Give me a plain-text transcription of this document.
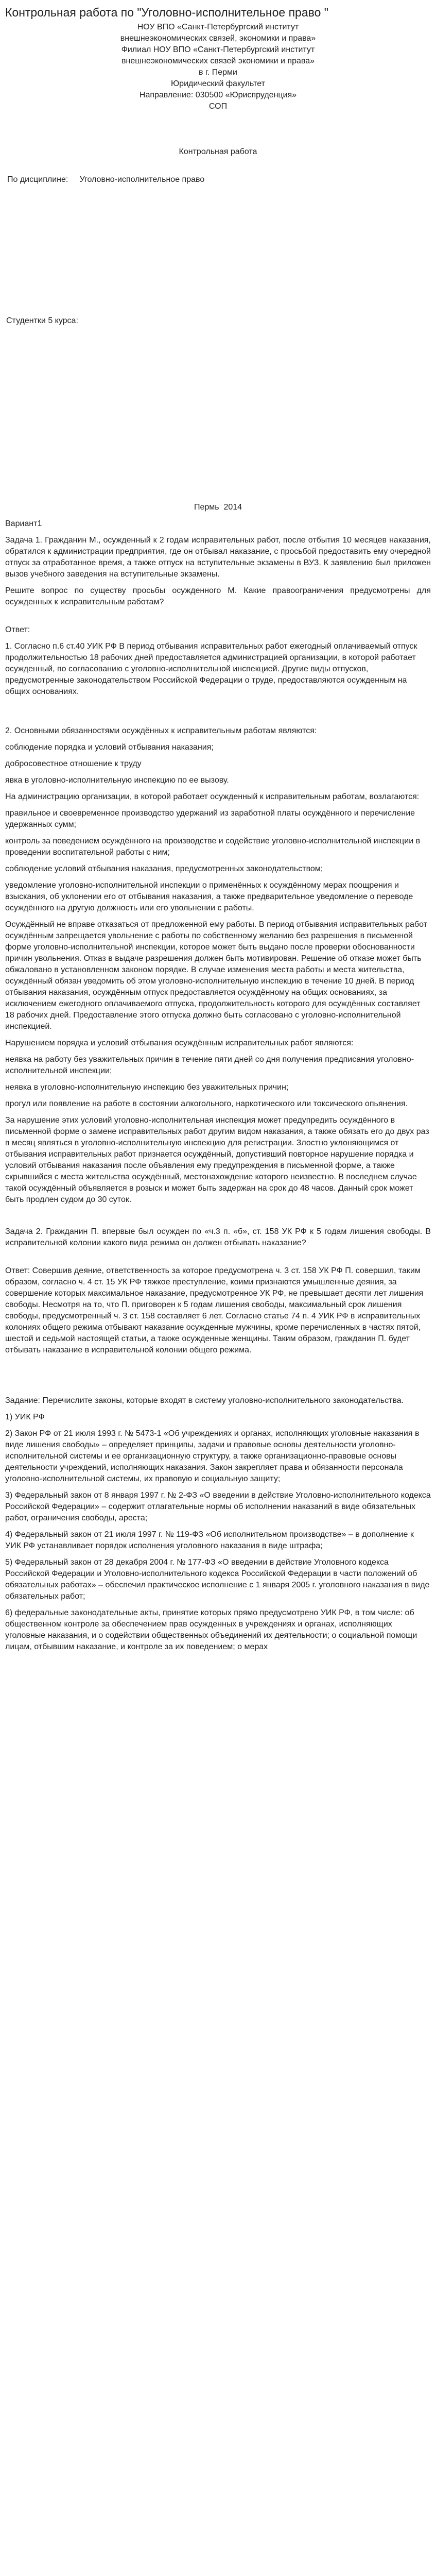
Контрольная работа по "Уголовно-исполнительное право "

НОУ ВПО «Санкт-Петербургский институт

внешнеэкономических связей, экономики и права»

Филиал НОУ ВПО «Санкт-Петербургский институт

внешнеэкономических связей экономики и права»

в г. Перми

Юридический факультет

Направление: 030500 «Юриспруденция»

СОП

Контрольная работа

По дисциплине:     Уголовно-исполнительное право

Студентки 5 курса:

Пермь  2014

Вариант1

Задача 1. Гражданин М., осужденный к 2 годам исправительных работ, после отбытия 10 месяцев наказания, обратился к администрации предприятия, где он отбывал наказание, с просьбой предоставить ему очередной отпуск за отработанное время, а также отпуск на вступительные экзамены в ВУЗ. К заявлению был приложен вызов учебного заведения на вступительные экзамены.

Решите вопрос по существу просьбы осужденного М. Какие правоограничения предусмотрены для осужденных к исправительным работам?

Ответ:

1. Согласно п.6 ст.40 УИК РФ В период отбывания исправительных работ ежегодный оплачиваемый отпуск продолжительностью 18 рабочих дней предоставляется администрацией организации, в которой работает осужденный, по согласованию с уголовно-исполнительной инспекцией. Другие виды отпусков, предусмотренные законодательством Российской Федерации о труде, предоставляются осужденным на общих основаниях.

2. Основными обязанностями осуждённых к исправительным работам являются:

соблюдение порядка и условий отбывания наказания;

добросовестное отношение к труду

явка в уголовно-исполнительную инспекцию по ее вызову.

На администрацию организации, в которой работает осужденный к исправительным работам, возлагаются:

правильное и своевременное производство удержаний из заработной платы осуждённого и перечисление удержанных сумм;

контроль за поведением осуждённого на производстве и содействие уголовно-исполнительной инспекции в проведении воспитательной работы с ним;

соблюдение условий отбывания наказания, предусмотренных законодательством;

уведомление уголовно-исполнительной инспекции о применённых к осуждённому мерах поощрения и взыскания, об уклонении его от отбывания наказания, а также предварительное уведомление о переводе осуждённого на другую должность или его увольнении с работы.

Осуждённый не вправе отказаться от предложенной ему работы. В период отбывания исправительных работ осуждённым запрещается увольнение с работы по собственному желанию без разрешения в письменной форме уголовно-исполнительной инспекции, которое может быть выдано после проверки обоснованности причин увольнения. Отказ в выдаче разрешения должен быть мотивирован. Решение об отказе может быть обжаловано в установленном законом порядке. В случае изменения места работы и места жительства, осуждённый обязан уведомить об этом уголовно-исполнительную инспекцию в течение 10 дней. В период отбывания наказания, осуждённым отпуск предоставляется осуждённому на общих основаниях, за исключением ежегодного оплачиваемого отпуска, продолжительность которого для осуждённых составляет 18 рабочих дней. Предоставление этого отпуска должно быть согласовано с уголовно-исполнительной инспекцией.

Нарушением порядка и условий отбывания осуждённым исправительных работ являются:

неявка на работу без уважительных причин в течение пяти дней со дня получения предписания уголовно-исполнительной инспекции;

неявка в уголовно-исполнительную инспекцию без уважительных причин;

прогул или появление на работе в состоянии алкогольного, наркотического или токсического опьянения.

За нарушение этих условий уголовно-исполнительная инспекция может предупредить осуждённого в письменной форме о замене исправительных работ другим видом наказания, а также обязать его до двух раз в месяц являться в уголовно-исполнительную инспекцию для регистрации. Злостно уклоняющимся от отбывания исправительных работ признается осуждённый, допустивший повторное нарушение порядка и условий отбывания наказания после объявления ему предупреждения в письменной форме, а также скрывшийся с места жительства осуждённый, местонахождение которого неизвестно. В последнем случае такой осуждённый объявляется в розыск и может быть задержан на срок до 48 часов. Данный срок может быть продлен судом до 30 суток.

Задача 2. Гражданин П. впервые был осужден по «ч.3 п. «б», ст. 158 УК РФ к 5 годам лишения свободы. В исправительной колонии какого вида режима он должен отбывать наказание?

Ответ: Совершив деяние, ответственность за которое предусмотрена ч. 3 ст. 158 УК РФ П. совершил, таким образом, согласно ч. 4 ст. 15 УК РФ тяжкое преступление, коими признаются умышленные деяния, за совершение которых максимальное наказание, предусмотренное УК РФ, не превышает десяти лет лишения свободы. Несмотря на то, что П. приговорен к 5 годам лишения свободы, максимальный срок лишения свободы, предусмотренный ч. 3 ст. 158 составляет 6 лет. Согласно статье 74 п. 4 УИК РФ в исправительных колониях общего режима отбывают наказание осужденные мужчины, кроме перечисленных в частях пятой, шестой и седьмой настоящей статьи, а также осужденные женщины. Таким образом, гражданин П. будет отбывать наказание в исправительной колонии общего режима.

Задание: Перечислите законы, которые входят в систему уголовно-исполнительного законодательства.

1) УИК РФ

2) Закон РФ от 21 июля 1993 г. № 5473-1 «Об учреждениях и органах, исполняющих уголовные наказания в виде лишения свободы» – определяет принципы, задачи и правовые основы деятельности уголовно-исполнительной системы и ее организационную структуру, а также организационно-правовые основы деятельности учреждений, исполняющих наказания. Закон закрепляет права и обязанности персонала уголовно-исполнительной системы, их правовую и социальную защиту;

3) Федеральный закон от 8 января 1997 г. № 2-ФЗ «О введении в действие Уголовно-исполнительного кодекса Российской Федерации» – содержит отлагательные нормы об исполнении наказаний в виде обязательных работ, ограничения свободы, ареста;

4) Федеральный закон от 21 июля 1997 г. № 119-ФЗ «Об исполнительном производстве» – в дополнение к УИК РФ устанавливает порядок исполнения уголовного наказания в виде штрафа;

5) Федеральный закон от 28 декабря 2004 г. № 177-ФЗ «О введении в действие Уголовного кодекса Российской Федерации и Уголовно-исполнительного кодекса Российской Федерации в части положений об обязательных работах» – обеспечил практическое исполнение с 1 января 2005 г. уголовного наказания в виде обязательных работ;

6) федеральные законодательные акты, принятие которых прямо предусмотрено УИК РФ, в том числе: об общественном контроле за обеспечением прав осужденных в учреждениях и органах, исполняющих уголовные наказания, и о содействии общественных объединений их деятельности; о социальной помощи лицам, отбывшим наказание, и контроле за их поведением; о мерах
